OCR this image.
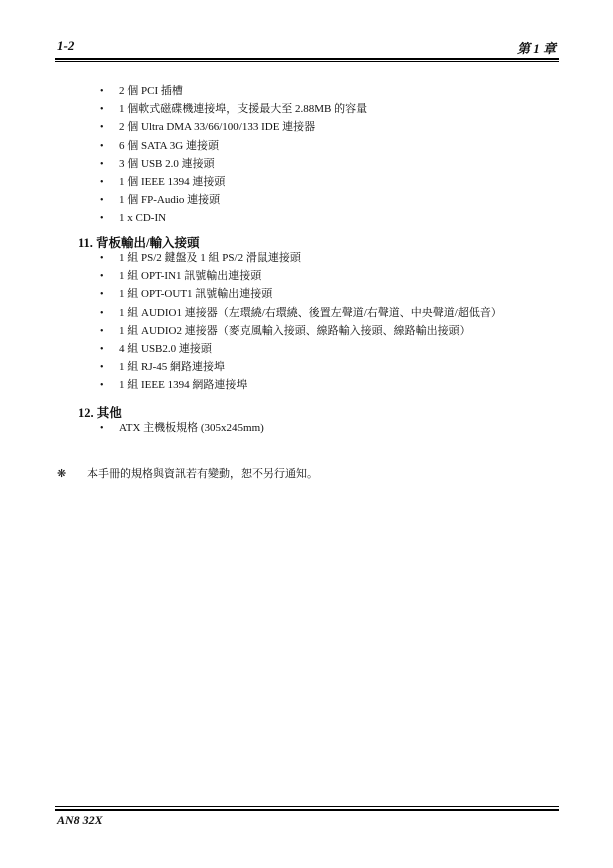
1-2	第 1 章
• 2 個 PCI 插槽
• 1 個軟式磁碟機連接埠，支援最大至 2.88MB 的容量
• 2 個 Ultra DMA 33/66/100/133 IDE 連接器
• 6 個 SATA 3G 連接頭
• 3 個 USB 2.0 連接頭
• 1 個 IEEE 1394 連接頭
• 1 個 FP-Audio 連接頭
• 1 x CD-IN
11. 背板輸出/輸入接頭
• 1 組 PS/2 鍵盤及 1 組 PS/2 滑鼠連接頭
• 1 組 OPT-IN1 訊號輸出連接頭
• 1 組 OPT-OUT1 訊號輸出連接頭
• 1 組 AUDIO1 連接器（左環繞/右環繞、後置左聲道/右聲道、中央聲道/超低音）
• 1 組 AUDIO2 連接器（麥克風輸入接頭、線路輸入接頭、線路輸出接頭）
• 4 組 USB2.0 連接頭
• 1 組 RJ-45 網路連接埠
• 1 組 IEEE 1394 網路連接埠
12. 其他
• ATX 主機板規格 (305x245mm)
❋ 本手冊的規格與資訊若有變動，恕不另行通知。
AN8 32X
